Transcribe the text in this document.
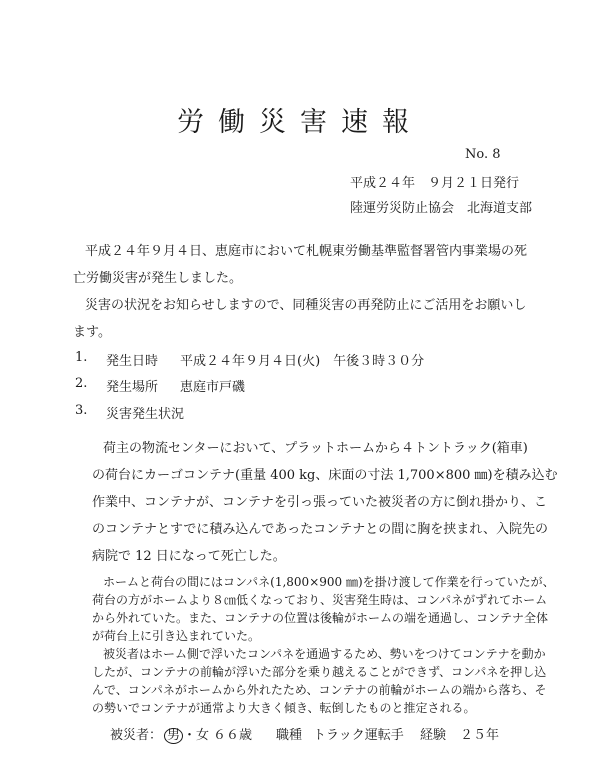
労働災害速報
No. 8
平成２４年　９月２１日発行
陸運労災防止協会　北海道支部
平成２４年９月４日、恵庭市において札幌東労働基準監督署管内事業場の死
亡労働災害が発生しました。
災害の状況をお知らせしますので、同種災害の再発防止にご活用をお願いし
ます。
1. 発生日時 平成２４年９月４日(火)　午後３時３０分
2. 発生場所 恵庭市戸磯
3. 災害発生状況
荷主の物流センターにおいて、プラットホームから４トントラック(箱車)
の荷台にカーゴコンテナ(重量 400 kg、床面の寸法 1,700×800 ㎜)を積み込む
作業中、コンテナが、コンテナを引っ張っていた被災者の方に倒れ掛かり、こ
のコンテナとすでに積み込んであったコンテナとの間に胸を挟まれ、入院先の
病院で 12 日になって死亡した。
ホームと荷台の間にはコンパネ(1,800×900 ㎜)を掛け渡して作業を行っていたが、
荷台の方がホームより８㎝低くなっており、災害発生時は、コンパネがずれてホーム
から外れていた。また、コンテナの位置は後輪がホームの端を通過し、コンテナ全体
が荷台上に引き込まれていた。
被災者はホーム側で浮いたコンパネを通過するため、勢いをつけてコンテナを動か
したが、コンテナの前輪が浮いた部分を乗り越えることができず、コンパネを押し込
んで、コンパネがホームから外れたため、コンテナの前輪がホームの端から落ち、そ
の勢いでコンテナが通常より大きく傾き、転倒したものと推定される。
被災者： 男 ・女 ６６歳 職種 トラック運転手 経験 ２５年
